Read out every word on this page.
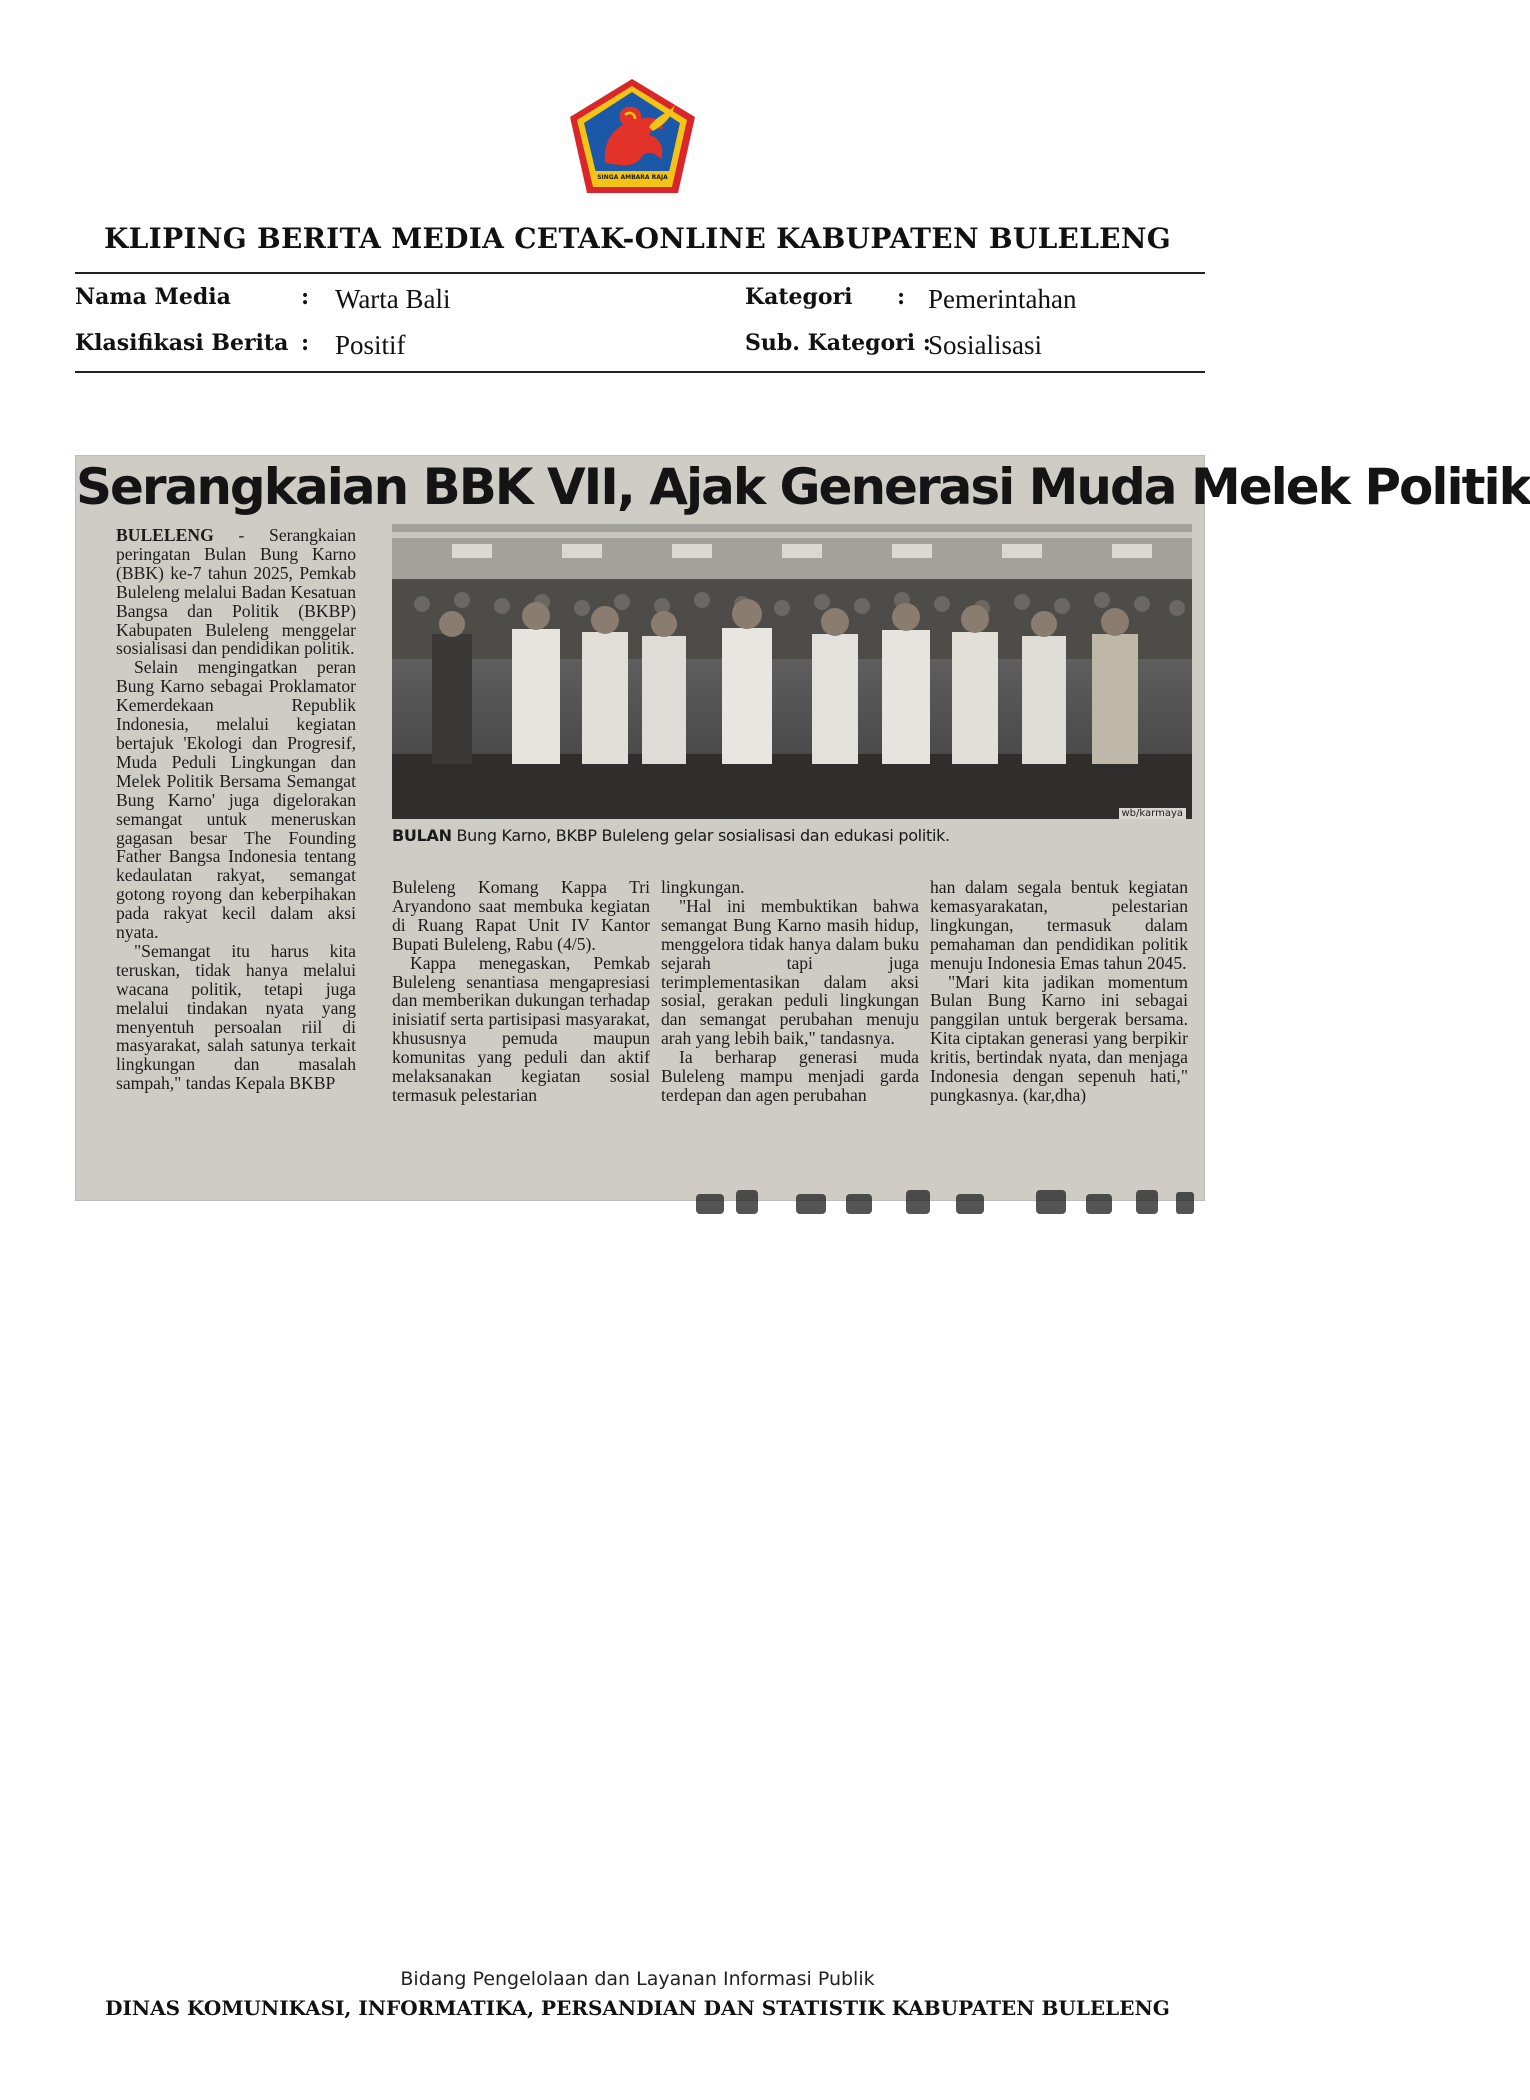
SINGA AMBARA RAJA
KLIPING BERITA MEDIA CETAK-ONLINE KABUPATEN BULELENG
Nama Media	: Warta Bali	Kategori : Pemerintahan
Klasifikasi Berita : Positif	Sub. Kategori :
Sosialisasi
Serangkaian BBK VII, Ajak Generasi Muda Melek Politik

BULELENG - Serangkaian peringatan Bulan Bung Karno (BBK) ke-7 tahun 2025, Pemkab Buleleng melalui Badan Kesatuan Bangsa dan Politik (BKBP) Kabupaten Buleleng menggelar sosialisasi dan pendidikan politik.

Selain mengingatkan peran Bung Karno sebagai Proklamator Kemerdekaan Republik Indonesia, melalui kegiatan bertajuk 'Ekologi dan Progresif, Muda Peduli Lingkungan dan Melek Politik Bersama Semangat Bung Karno' juga digelorakan semangat untuk meneruskan gagasan besar The Founding Father Bangsa Indonesia tentang kedaulatan rakyat, semangat gotong royong dan keberpihakan pada rakyat kecil dalam aksi nyata.

"Semangat itu harus kita teruskan, tidak hanya melalui wacana politik, tetapi juga melalui tindakan nyata yang menyentuh persoalan riil di masyarakat, salah satunya terkait lingkungan dan masalah sampah," tandas Kepala BKBP

wb/karmaya
BULAN Bung Karno, BKBP Buleleng gelar sosialisasi dan edukasi politik.

Buleleng Komang Kappa Tri Aryandono saat membuka kegiatan di Ruang Rapat Unit IV Kantor Bupati Buleleng, Rabu (4/5).

Kappa menegaskan, Pemkab Buleleng senantiasa mengapresiasi dan memberikan dukungan terhadap inisiatif serta partisipasi masyarakat, khususnya pemuda maupun komunitas yang peduli dan aktif melaksanakan kegiatan sosial termasuk pelestarian

lingkungan.

"Hal ini membuktikan bahwa semangat Bung Karno masih hidup, menggelora tidak hanya dalam buku sejarah tapi juga terimplementasikan dalam aksi sosial, gerakan peduli lingkungan dan semangat perubahan menuju arah yang lebih baik," tandasnya.

Ia berharap generasi muda Buleleng mampu menjadi garda terdepan dan agen perubahan

han dalam segala bentuk kegiatan kemasyarakatan, pelestarian lingkungan, termasuk dalam pemahaman dan pendidikan politik menuju Indonesia Emas tahun 2045.

"Mari kita jadikan momentum Bulan Bung Karno ini sebagai panggilan untuk bergerak bersama. Kita ciptakan generasi yang berpikir kritis, bertindak nyata, dan menjaga Indonesia dengan sepenuh hati," pungkasnya. (kar,dha)

Bidang Pengelolaan dan Layanan Informasi Publik
DINAS KOMUNIKASI, INFORMATIKA, PERSANDIAN DAN STATISTIK KABUPATEN BULELENG
